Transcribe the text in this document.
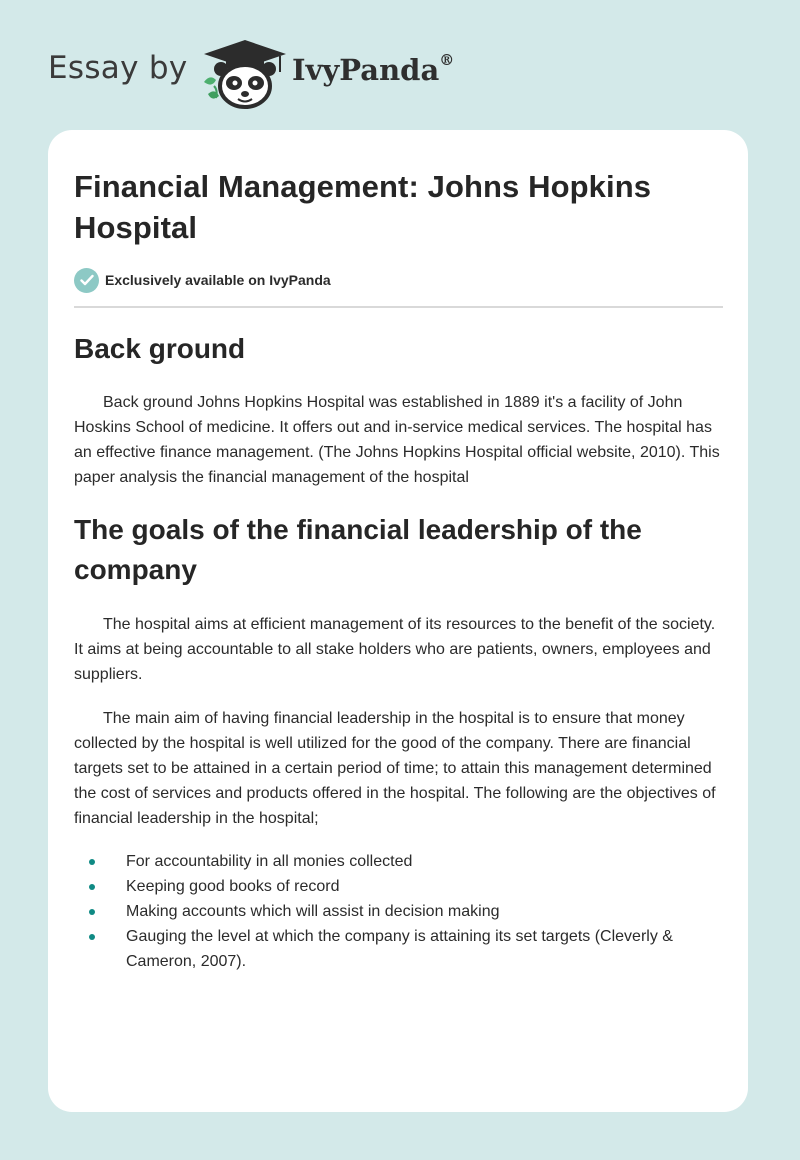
Essay by	IvyPanda®
Financial Management: Johns Hopkins Hospital
Exclusively available on IvyPanda
Back ground

Back ground Johns Hopkins Hospital was established in 1889 it's a facility of John Hoskins School of medicine. It offers out and in-service medical services. The hospital has an effective finance management. (The Johns Hopkins Hospital official website, 2010). This paper analysis the financial management of the hospital

The goals of the financial leadership of the company

The hospital aims at efficient management of its resources to the benefit of the society. It aims at being accountable to all stake holders who are patients, owners, employees and suppliers.

The main aim of having financial leadership in the hospital is to ensure that money collected by the hospital is well utilized for the good of the company. There are financial targets set to be attained in a certain period of time; to attain this management determined the cost of services and products offered in the hospital. The following are the objectives of financial leadership in the hospital;

For accountability in all monies collected
Keeping good books of record
Making accounts which will assist in decision making
Gauging the level at which the company is attaining its set targets (Cleverly & Cameron, 2007).
